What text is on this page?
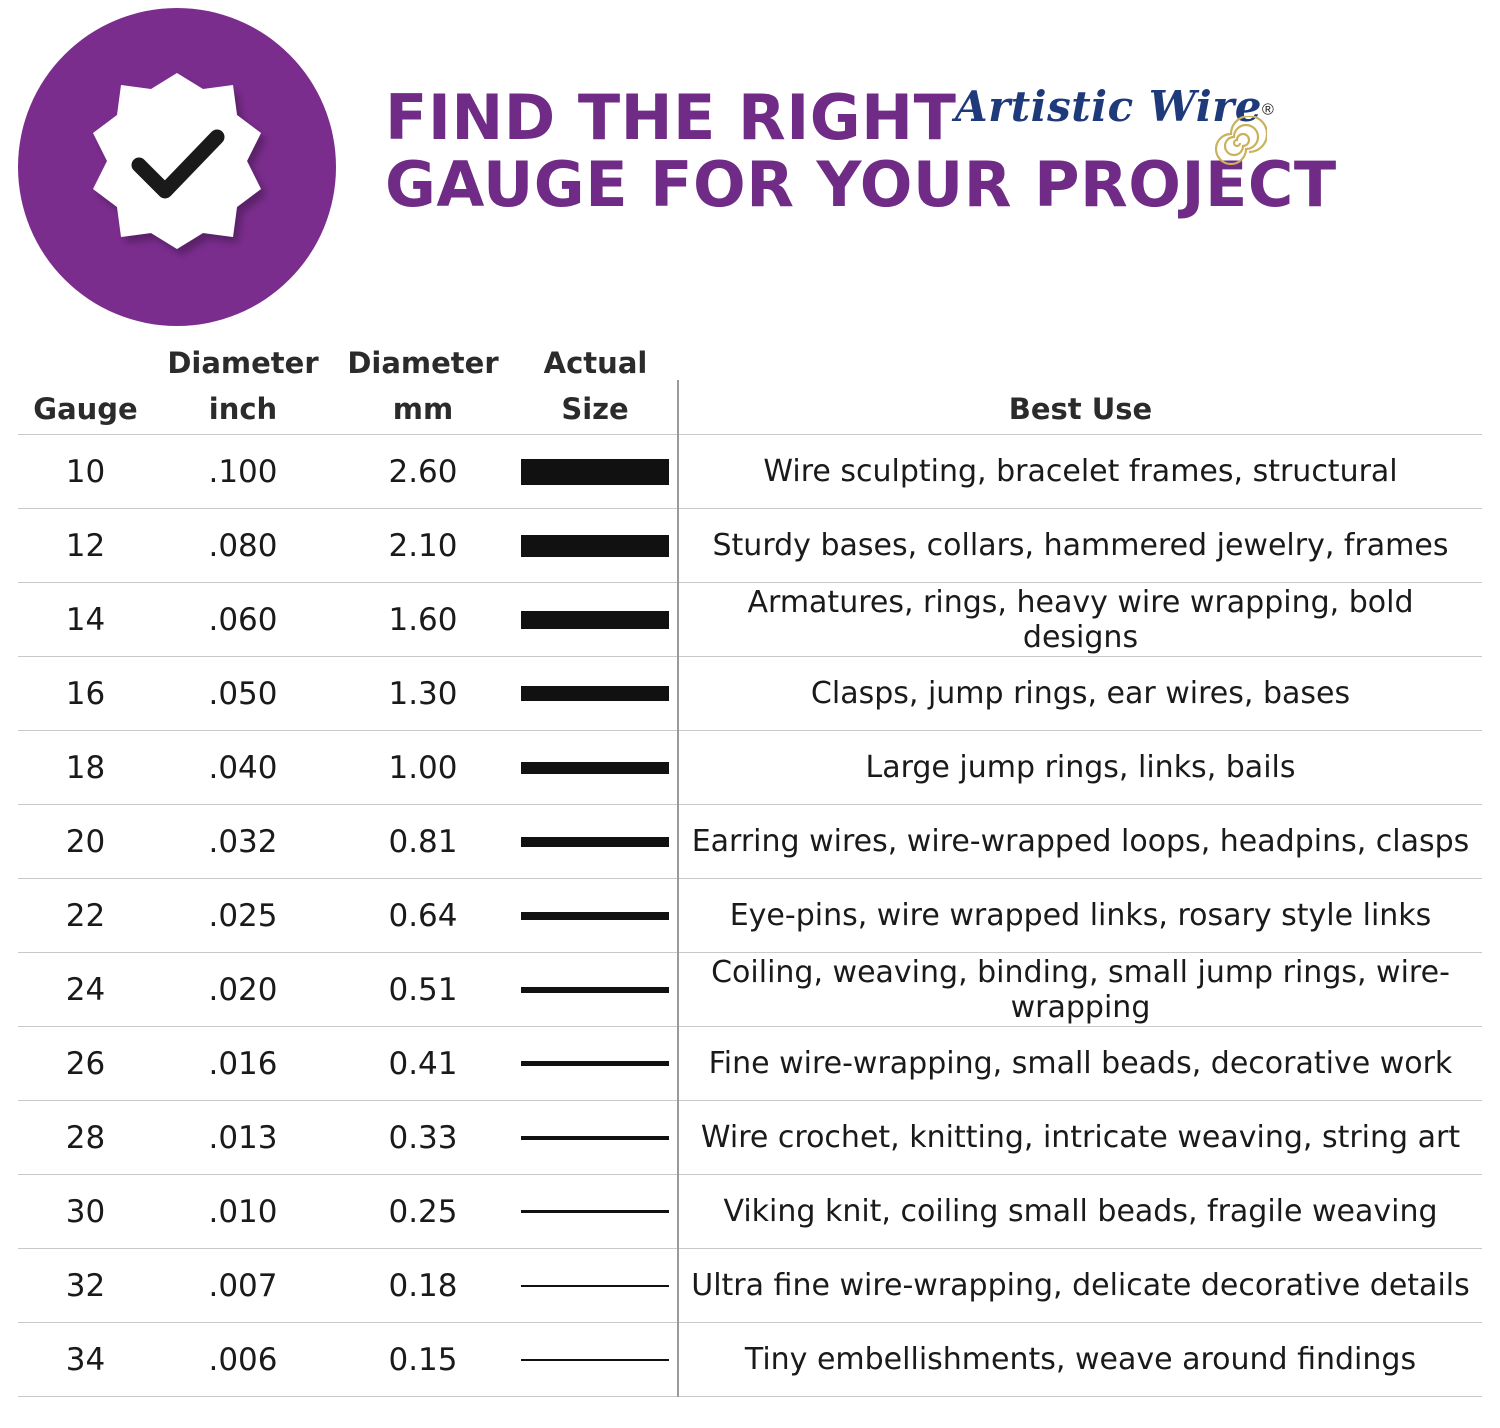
FIND THE RIGHT
GAUGE FOR YOUR PROJECT
Artistic Wire®
	Diameter	Diameter	Actual	
Gauge	inch	mm	Size	Best Use
10	.100	2.60		Wire sculpting, bracelet frames, structural
12	.080	2.10		Sturdy bases, collars, hammered jewelry, frames
14	.060	1.60		Armatures, rings, heavy wire wrapping, bold designs
16	.050	1.30		Clasps, jump rings, ear wires, bases
18	.040	1.00		Large jump rings, links, bails
20	.032	0.81		Earring wires, wire-wrapped loops, headpins, clasps
22	.025	0.64		Eye-pins, wire wrapped links, rosary style links
24	.020	0.51		Coiling, weaving, binding, small jump rings, wire-wrapping
26	.016	0.41		Fine wire-wrapping, small beads, decorative work
28	.013	0.33		Wire crochet, knitting, intricate weaving, string art
30	.010	0.25		Viking knit, coiling small beads, fragile weaving
32	.007	0.18		Ultra fine wire-wrapping, delicate decorative details
34	.006	0.15		Tiny embellishments, weave around findings
